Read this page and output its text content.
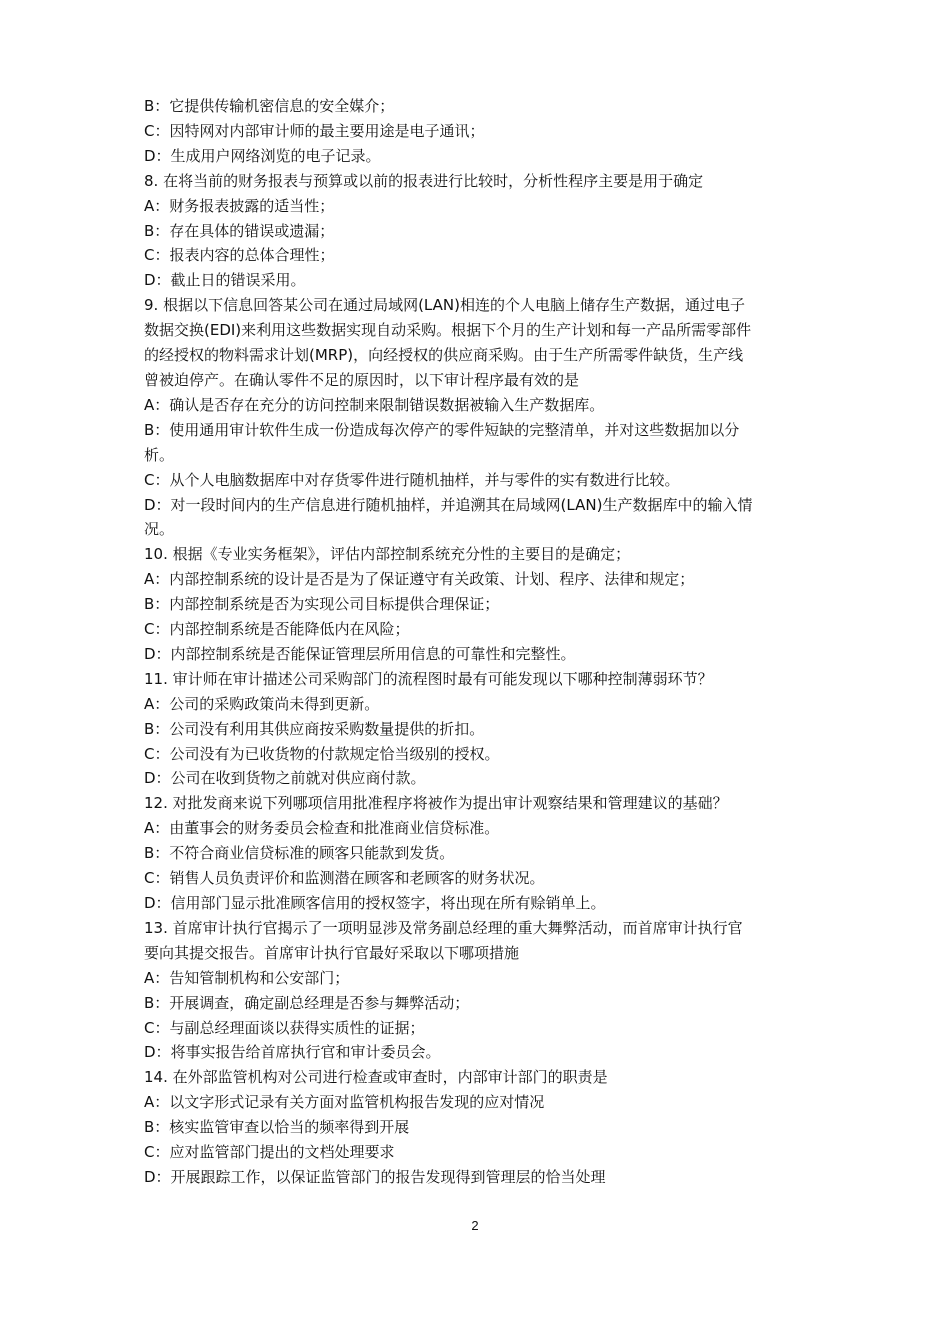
B：它提供传输机密信息的安全媒介；

C：因特网对内部审计师的最主要用途是电子通讯；

D：生成用户网络浏览的电子记录。

8. 在将当前的财务报表与预算或以前的报表进行比较时，分析性程序主要是用于确定

A：财务报表披露的适当性；

B：存在具体的错误或遗漏；

C：报表内容的总体合理性；

D：截止日的错误采用。

9. 根据以下信息回答某公司在通过局域网(LAN)相连的个人电脑上储存生产数据，通过电子

数据交换(EDI)来利用这些数据实现自动采购。根据下个月的生产计划和每一产品所需零部件

的经授权的物料需求计划(MRP)，向经授权的供应商采购。由于生产所需零件缺货，生产线

曾被迫停产。在确认零件不足的原因时，以下审计程序最有效的是

A：确认是否存在充分的访问控制来限制错误数据被输入生产数据库。

B：使用通用审计软件生成一份造成每次停产的零件短缺的完整清单，并对这些数据加以分

析。

C：从个人电脑数据库中对存货零件进行随机抽样，并与零件的实有数进行比较。

D：对一段时间内的生产信息进行随机抽样，并追溯其在局域网(LAN)生产数据库中的输入情

况。

10. 根据《专业实务框架》，评估内部控制系统充分性的主要目的是确定；

A：内部控制系统的设计是否是为了保证遵守有关政策、计划、程序、法律和规定；

B：内部控制系统是否为实现公司目标提供合理保证；

C：内部控制系统是否能降低内在风险；

D：内部控制系统是否能保证管理层所用信息的可靠性和完整性。

11. 审计师在审计描述公司采购部门的流程图时最有可能发现以下哪种控制薄弱环节？

A：公司的采购政策尚未得到更新。

B：公司没有利用其供应商按采购数量提供的折扣。

C：公司没有为已收货物的付款规定恰当级别的授权。

D：公司在收到货物之前就对供应商付款。

12. 对批发商来说下列哪项信用批准程序将被作为提出审计观察结果和管理建议的基础？

A：由董事会的财务委员会检查和批准商业信贷标准。

B：不符合商业信贷标准的顾客只能款到发货。

C：销售人员负责评价和监测潜在顾客和老顾客的财务状况。

D：信用部门显示批准顾客信用的授权签字，将出现在所有赊销单上。

13. 首席审计执行官揭示了一项明显涉及常务副总经理的重大舞弊活动，而首席审计执行官

要向其提交报告。首席审计执行官最好采取以下哪项措施

A：告知管制机构和公安部门；

B：开展调查，确定副总经理是否参与舞弊活动；

C：与副总经理面谈以获得实质性的证据；

D：将事实报告给首席执行官和审计委员会。

14. 在外部监管机构对公司进行检查或审查时，内部审计部门的职责是

A：以文字形式记录有关方面对监管机构报告发现的应对情况

B：核实监管审查以恰当的频率得到开展

C：应对监管部门提出的文档处理要求

D：开展跟踪工作，以保证监管部门的报告发现得到管理层的恰当处理

2
